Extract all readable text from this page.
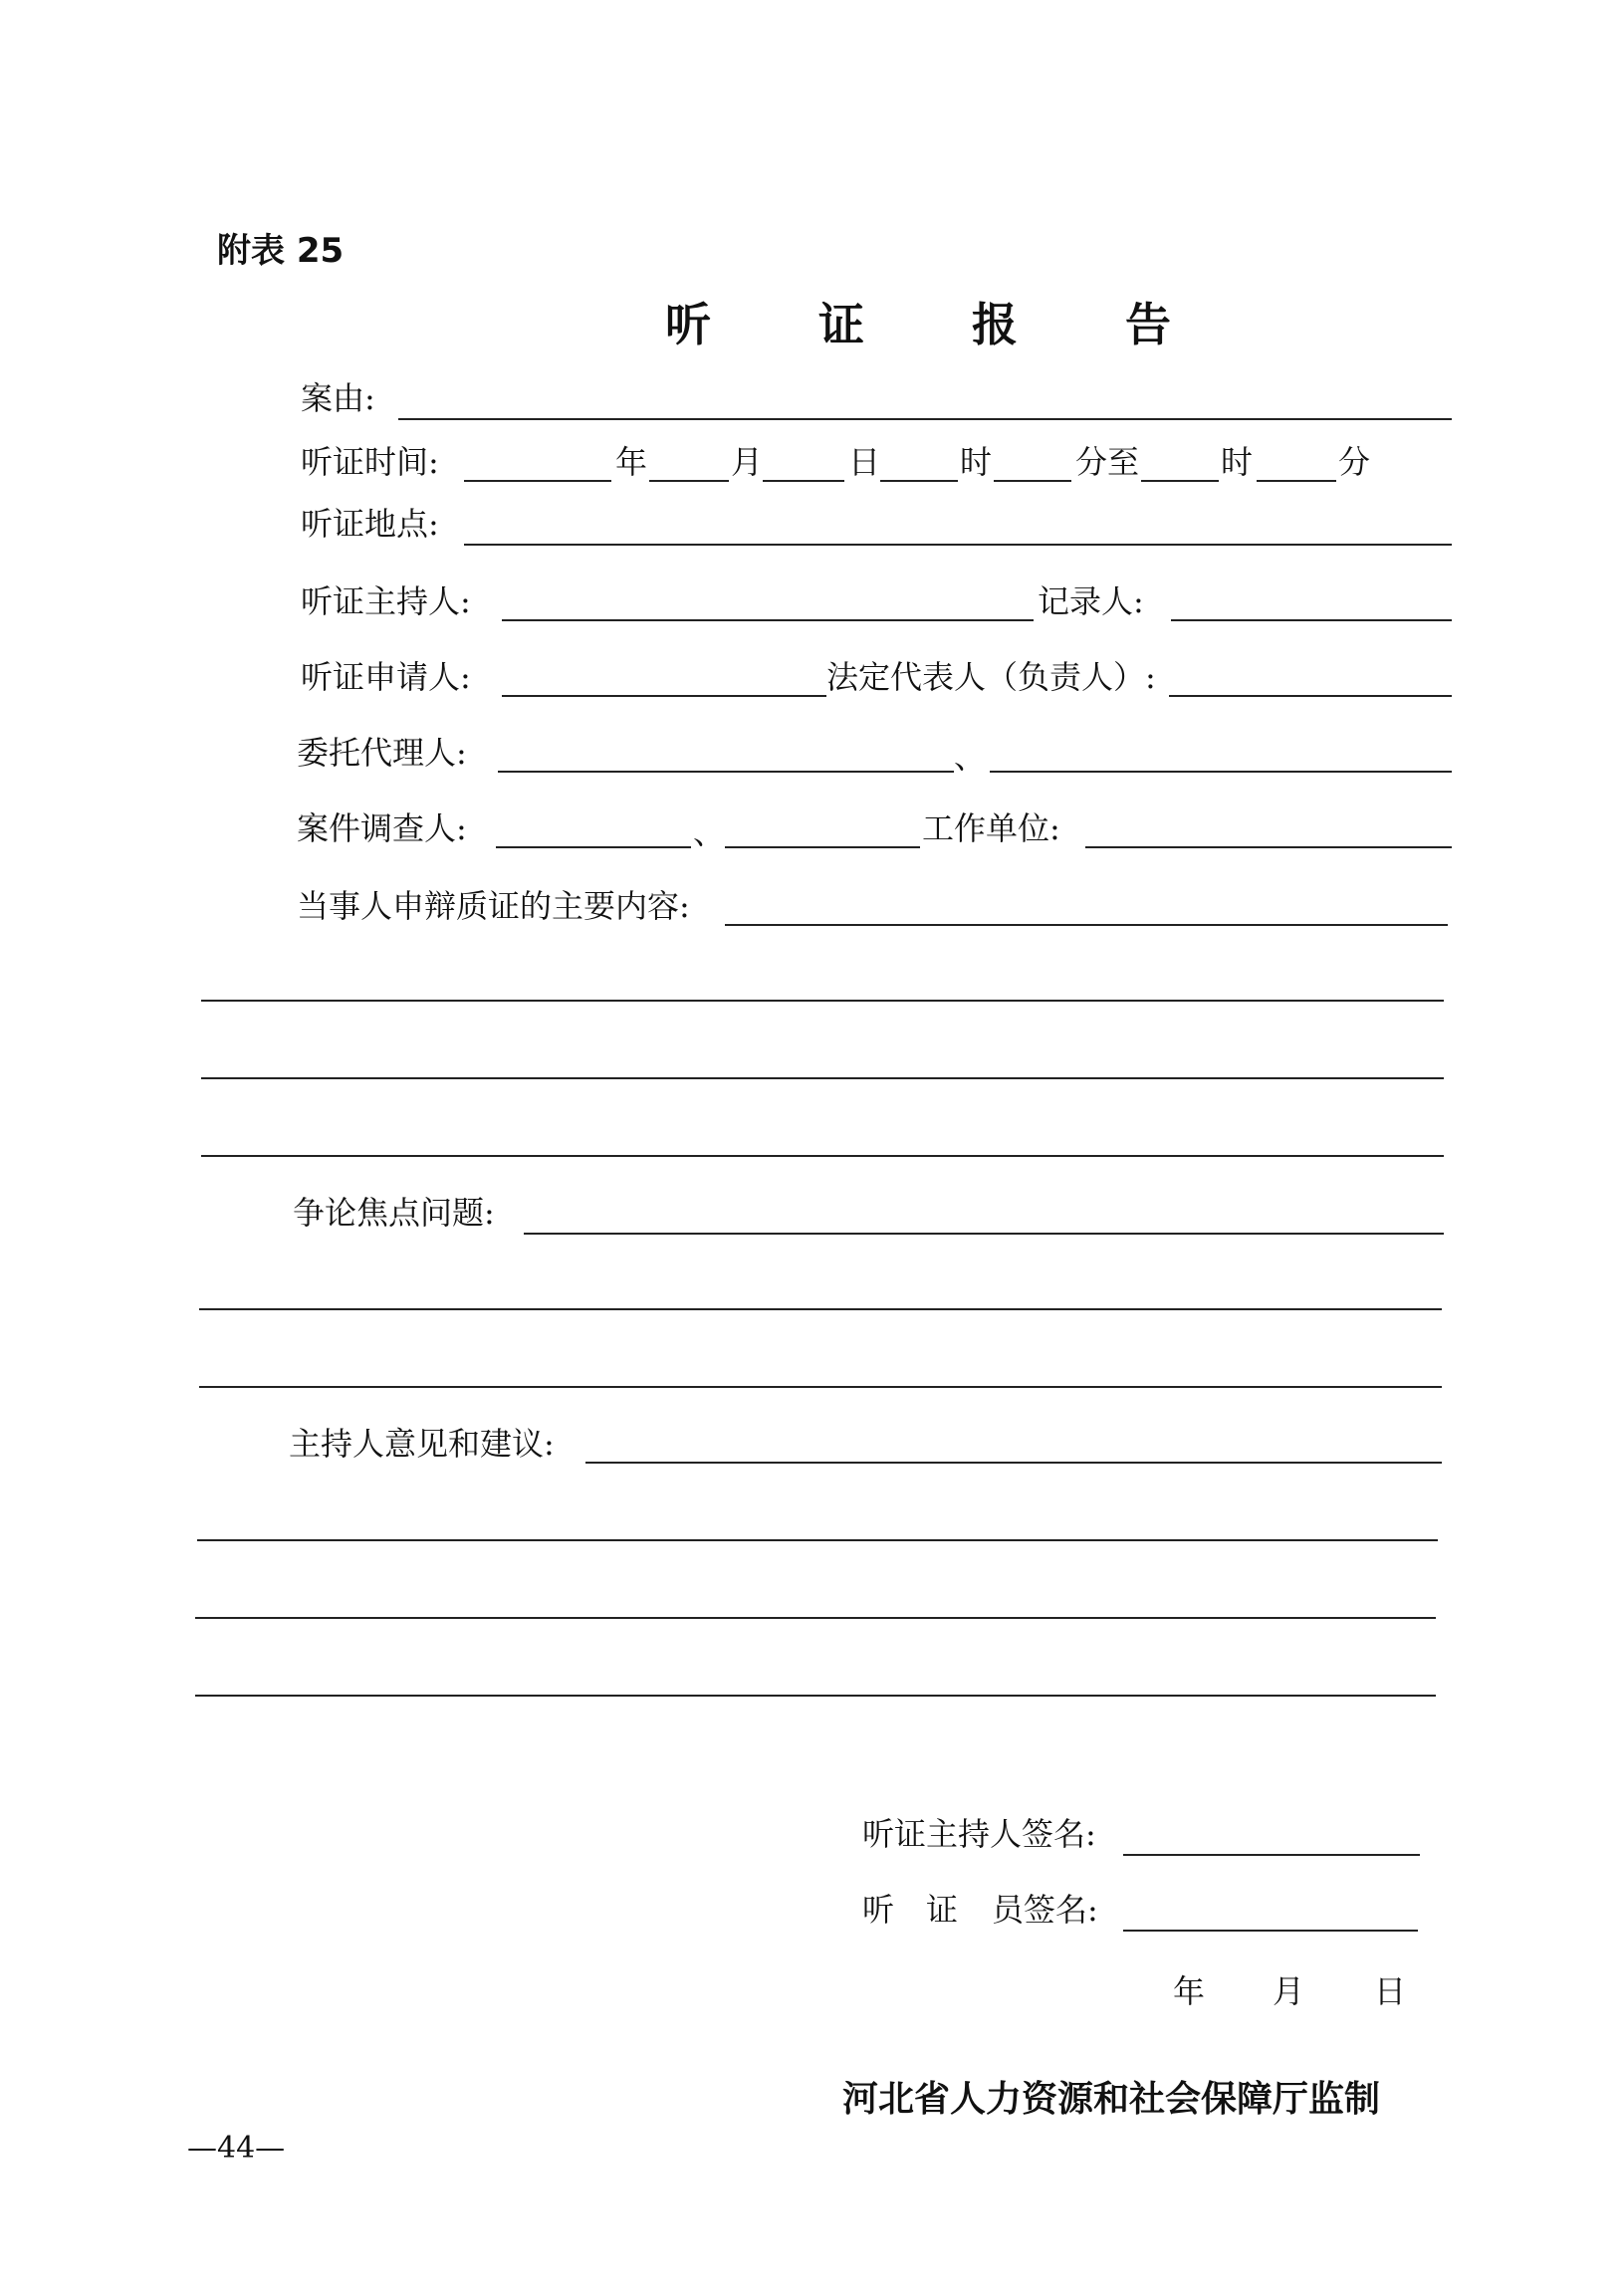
附表 25
听 证 报 告
案由:
听证时间:	年	月	日 时	分至	时	分
听证地点:
听证主持人:	记录人:
听证申请人:	法定代表人（负责人）:
委托代理人:	、
案件调查人:	、	工作单位:
当事人申辩质证的主要内容:
争论焦点问题:
主持人意见和建议:
听证主持人签名:
听 证 员签名:
年 月 日
河北省人力资源和社会保障厅监制
—44—
